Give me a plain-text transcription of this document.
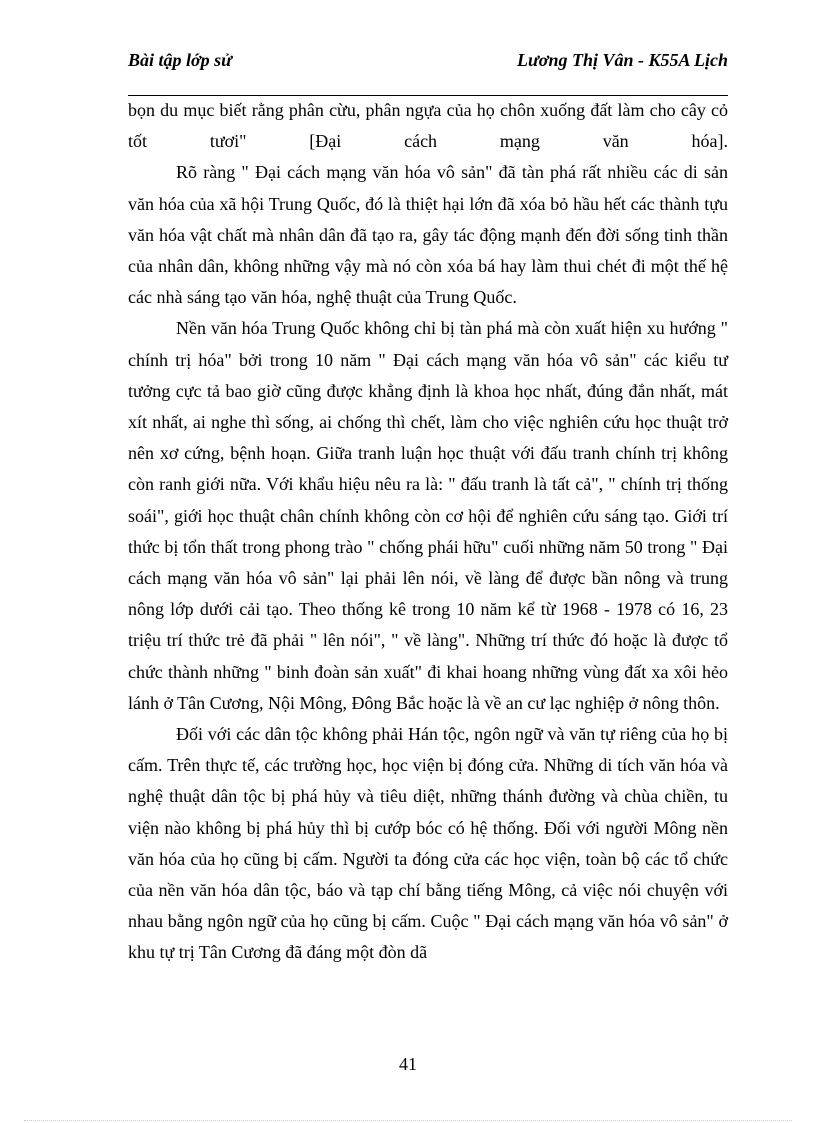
Bài tập lớp sử	Lương Thị Vân - K55A Lịch

bọn du mục biết rằng phân cừu, phân ngựa của họ chôn xuống đất làm cho cây cỏ tốt tươi" [Đại cách mạng văn hóa].

Rõ ràng " Đại cách mạng văn hóa vô sản" đã tàn phá rất nhiều các di sản văn hóa của xã hội Trung Quốc, đó là thiệt hại lớn đã xóa bỏ hầu hết các thành tựu văn hóa vật chất mà nhân dân đã tạo ra, gây tác động mạnh đến đời sống tinh thần của nhân dân, không những vậy mà nó còn xóa bá hay làm thui chét đi một thế hệ các nhà sáng tạo văn hóa, nghệ thuật của Trung Quốc.

Nền văn hóa Trung Quốc không chỉ bị tàn phá mà còn xuất hiện xu hướng " chính trị hóa" bởi trong 10 năm " Đại cách mạng văn hóa vô sản" các kiểu tư tưởng cực tả bao giờ cũng được khẳng định là khoa học nhất, đúng đắn nhất, mát xít nhất, ai nghe thì sống, ai chống thì chết, làm cho việc nghiên cứu học thuật trở nên xơ cứng, bệnh hoạn. Giữa tranh luận học thuật với đấu tranh chính trị không còn ranh giới nữa. Với khẩu hiệu nêu ra là: " đấu tranh là tất cả", " chính trị thống soái", giới học thuật chân chính không còn cơ hội để nghiên cứu sáng tạo. Giới trí thức bị tổn thất trong phong trào " chống phái hữu" cuối những năm 50 trong " Đại cách mạng văn hóa vô sản" lại phải lên nói, về làng để được bần nông và trung nông lớp dưới cải tạo. Theo thống kê trong 10 năm kể từ 1968 - 1978 có 16, 23 triệu trí thức trẻ đã phải " lên nói", " về làng". Những trí thức đó hoặc là được tổ chức thành những " binh đoàn sản xuất" đi khai hoang những vùng đất xa xôi hẻo lánh ở Tân Cương, Nội Mông, Đông Bắc hoặc là về an cư lạc nghiệp ở nông thôn.

Đối với các dân tộc không phải Hán tộc, ngôn ngữ và văn tự riêng của họ bị cấm. Trên thực tế, các trường học, học viện bị đóng cửa. Những di tích văn hóa và nghệ thuật dân tộc bị phá hủy và tiêu diệt, những thánh đường và chùa chiền, tu viện nào không bị phá hủy thì bị cướp bóc có hệ thống. Đối với người Mông nền văn hóa của họ cũng bị cấm. Người ta đóng cửa các học viện, toàn bộ các tổ chức của nền văn hóa dân tộc, báo và tạp chí bằng tiếng Mông, cả việc nói chuyện với nhau bằng ngôn ngữ của họ cũng bị cấm. Cuộc " Đại cách mạng văn hóa vô sản" ở khu tự trị Tân Cương đã đáng một đòn dã

41
